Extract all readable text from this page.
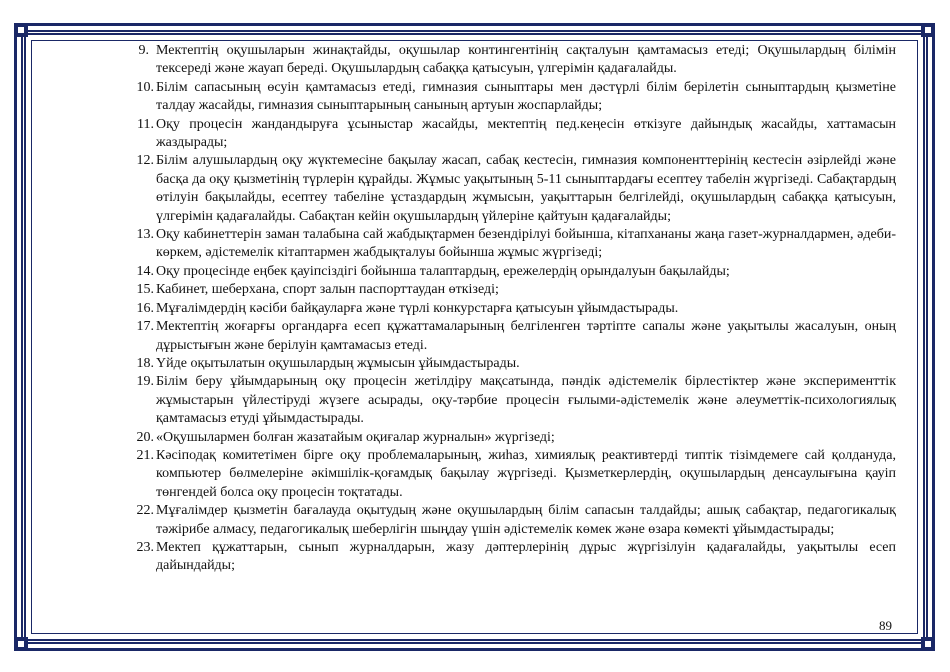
9. Мектептің оқушыларын жинақтайды, оқушылар контингентінің сақталуын қамтамасыз етеді; Оқушылардың білімін тексереді және жауап береді. Оқушылардың сабаққа қатысуын, үлгерімін қадағалайды.

10. Білім сапасының өсуін қамтамасыз етеді, гимназия сыныптары мен дәстүрлі білім берілетін сыныптардың қызметіне талдау жасайды, гимназия сыныптарының санының артуын жоспарлайды;

11. Оқу процесін жандандыруға ұсыныстар жасайды, мектептің пед.кеңесін өткізуге дайындық жасайды, хаттамасын жаздырады;

12. Білім алушылардың оқу жүктемесіне бақылау жасап, сабақ кестесін, гимназия компоненттерінің кестесін әзірлейді және басқа да оқу қызметінің түрлерін құрайды. Жұмыс уақытының 5-11 сыныптардағы есептеу табелін жүргізеді. Сабақтардың өтілуін бақылайды, есептеу табеліне ұстаздардың жұмысын, уақыттарын белгілейді, оқушылардың сабаққа қатысуын, үлгерімін қадағалайды. Сабақтан кейін оқушылардың үйлеріне қайтуын қадағалайды;

13. Оқу кабинеттерін заман талабына сай жабдықтармен безендірілуі бойынша, кітапхананы жаңа газет-журналдармен, әдеби- көркем, әдістемелік кітаптармен жабдықталуы бойынша жұмыс жүргізеді;

14. Оқу процесінде еңбек қауіпсіздігі бойынша талаптардың, ережелердің орындалуын бақылайды;

15. Кабинет, шеберхана, спорт залын паспорттаудан өткізеді;

16. Мұғалімдердің кәсіби байқауларға және түрлі конкурстарға қатысуын ұйымдастырады.

17. Мектептің жоғарғы органдарға есеп құжаттамаларының белгіленген тәртіпте сапалы және уақытылы жасалуын, оның дұрыстығын және берілуін қамтамасыз етеді.

18. Үйде оқытылатын оқушылардың жұмысын ұйымдастырады.

19. Білім беру ұйымдарының оқу процесін жетілдіру мақсатында, пәндік әдістемелік бірлестіктер және эксперименттік жұмыстарын үйлестіруді жүзеге асырады, оқу-тәрбие процесін ғылыми-әдістемелік және әлеуметтік-психологиялық қамтамасыз етуді ұйымдастырады.

20. «Оқушылармен болған жазатайым оқиғалар журналын» жүргізеді;

21. Кәсіподақ комитетімен бірге оқу проблемаларының, жиhаз, химиялық реактивтерді типтік тізімдемеге сай қолдануда, компьютер бөлмелеріне әкімшілік-қоғамдық бақылау жүргізеді. Қызметкерлердің, оқушылардың денсаулығына қауіп төнгендей болса оқу процесін тоқтатады.

22. Мұғалімдер қызметін бағалауда оқытудың және оқушылардың білім сапасын талдайды; ашық сабақтар, педагогикалық тәжірибе алмасу, педагогикалық шеберлігін шыңдау үшін әдістемелік көмек және өзара көмекті ұйымдастырады;

23. Мектеп құжаттарын, сынып журналдарын, жазу дәптерлерінің дұрыс жүргізілуін қадағалайды, уақытылы есеп дайындайды;

89
